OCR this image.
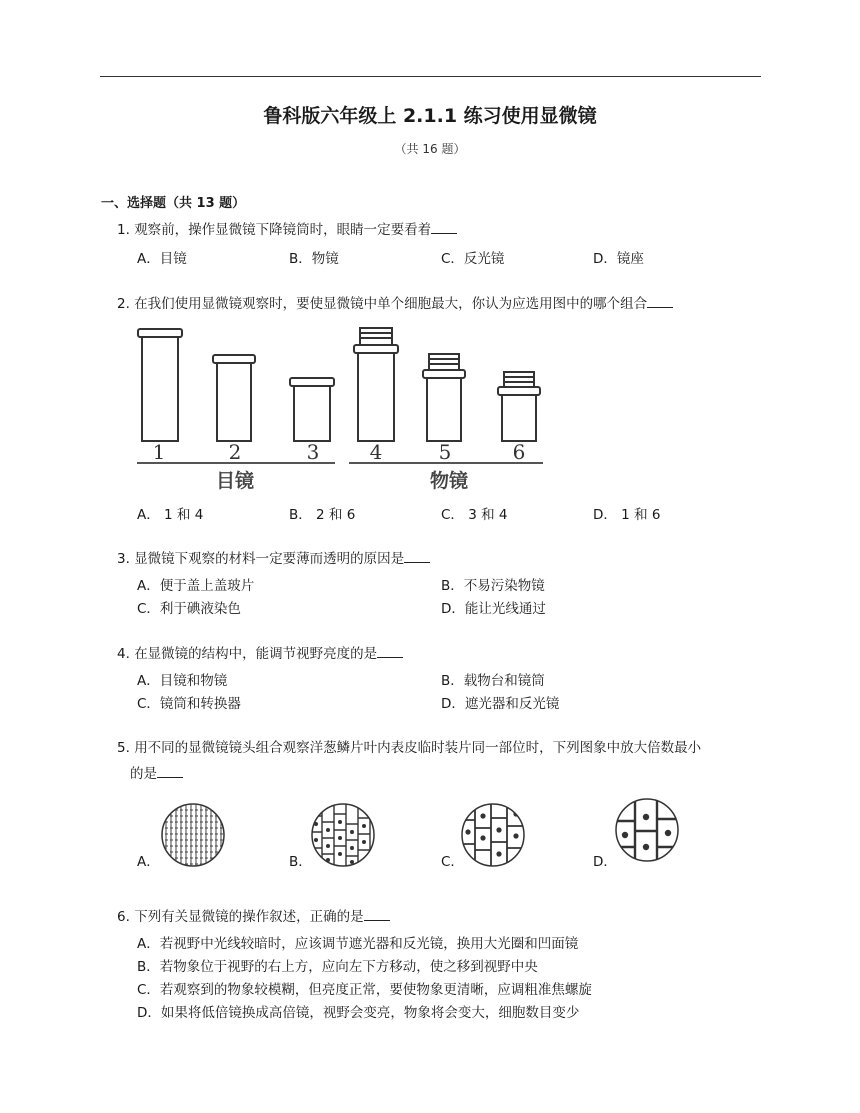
鲁科版六年级上 2.1.1 练习使用显微镜
（共 16 题）
一、选择题（共 13 题）
1. 观察前，操作显微镜下降镜筒时，眼睛一定要看着
A．目镜	B．物镜	C．反光镜	D．镜座
2. 在我们使用显微镜观察时，要使显微镜中单个细胞最大，你认为应选用图中的哪个组合
1	2	3	4	5	6
目镜	物镜
A． 1 和 4	B． 2 和 6	C． 3 和 4	D． 1 和 6
3. 显微镜下观察的材料一定要薄而透明的原因是
A．便于盖上盖玻片	B．不易污染物镜
C．利于碘液染色	D．能让光线通过
4. 在显微镜的结构中，能调节视野亮度的是
A．目镜和物镜	B．载物台和镜筒
C．镜筒和转换器	D．遮光器和反光镜
5. 用不同的显微镜镜头组合观察洋葱鳞片叶内表皮临时装片同一部位时，下列图象中放大倍数最小
的是
A．	B．	C．	D．
6. 下列有关显微镜的操作叙述，正确的是
A．若视野中光线较暗时，应该调节遮光器和反光镜，换用大光圈和凹面镜
B．若物象位于视野的右上方，应向左下方移动，使之移到视野中央
C．若观察到的物象较模糊，但亮度正常，要使物象更清晰，应调粗准焦螺旋
D．如果将低倍镜换成高倍镜，视野会变亮，物象将会变大，细胞数目变少
